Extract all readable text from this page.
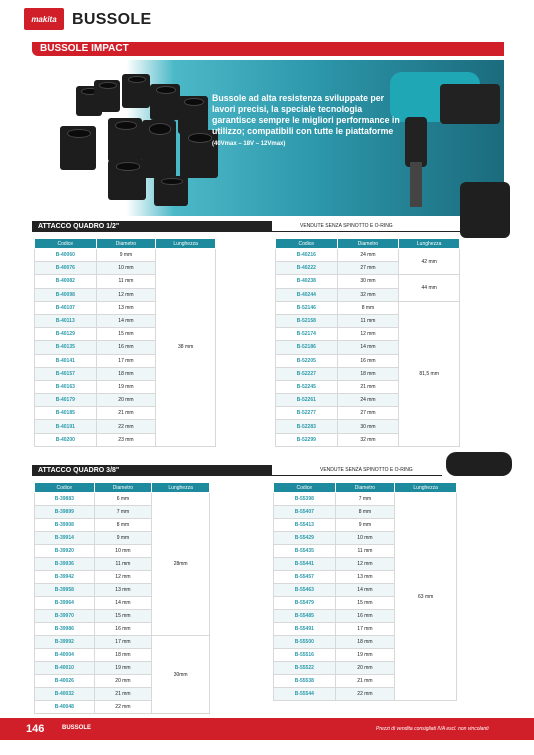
makita BUSSOLE
BUSSOLE IMPACT
Bussole ad alta resistenza sviluppate per lavori precisi, la speciale tecnologia garantisce sempre le migliori performance in utilizzo; compatibili con tutte le piattaforme (40Vmax – 18V – 12Vmax)
ATTACCO QUADRO 1/2"	VENDUTE SENZA SPINOTTO E O-RING
Codice	Diametro	Lunghezza
B-40060	9 mm	38 mm
B-40076	10 mm	
B-40082	11 mm	
B-40098	12 mm	
B-40107	13 mm	
B-40113	14 mm	
B-40129	15 mm	
B-40135	16 mm	
B-40141	17 mm	
B-40157	18 mm	
B-40163	19 mm	
B-40179	20 mm	
B-40185	21 mm	
B-40191	22 mm	
B-40200	23 mm	
Codice	Diametro	Lunghezza
B-40216	24 mm	42 mm
B-40222	27 mm	
B-40238	30 mm	44 mm
B-40244	32 mm	
B-52146	8 mm	81,5 mm
B-52158	11 mm	
B-52174	12 mm	
B-52186	14 mm	
B-52205	16 mm	
B-52227	18 mm	
B-52245	21 mm	
B-52261	24 mm	
B-52277	27 mm	
B-52283	30 mm	
B-52299	32 mm	
ATTACCO QUADRO 3/8"	VENDUTE SENZA SPINOTTO E O-RING
Codice	Diametro	Lunghezza
B-39883	6 mm	28mm
B-39899	7 mm	
B-39908	8 mm	
B-39914	9 mm	
B-39920	10 mm	
B-39936	11 mm	
B-39942	12 mm	
B-39958	13 mm	
B-39964	14 mm	
B-39970	15 mm	
B-39986	16 mm	
B-39992	17 mm	30mm
B-40004	18 mm	
B-40010	19 mm	
B-40026	20 mm	
B-40032	21 mm	
B-40048	22 mm	
Codice	Diametro	Lunghezza
B-55398	7 mm	63 mm
B-55407	8 mm	
B-55413	9 mm	
B-55429	10 mm	
B-55435	11 mm	
B-55441	12 mm	
B-55457	13 mm	
B-55463	14 mm	
B-55479	15 mm	
B-55485	16 mm	
B-55491	17 mm	
B-55500	18 mm	
B-55516	19 mm	
B-55522	20 mm	
B-55538	21 mm	
B-55544	22 mm	
146	BUSSOLE	Prezzi di vendita consigliati IVA escl. non vincolanti
